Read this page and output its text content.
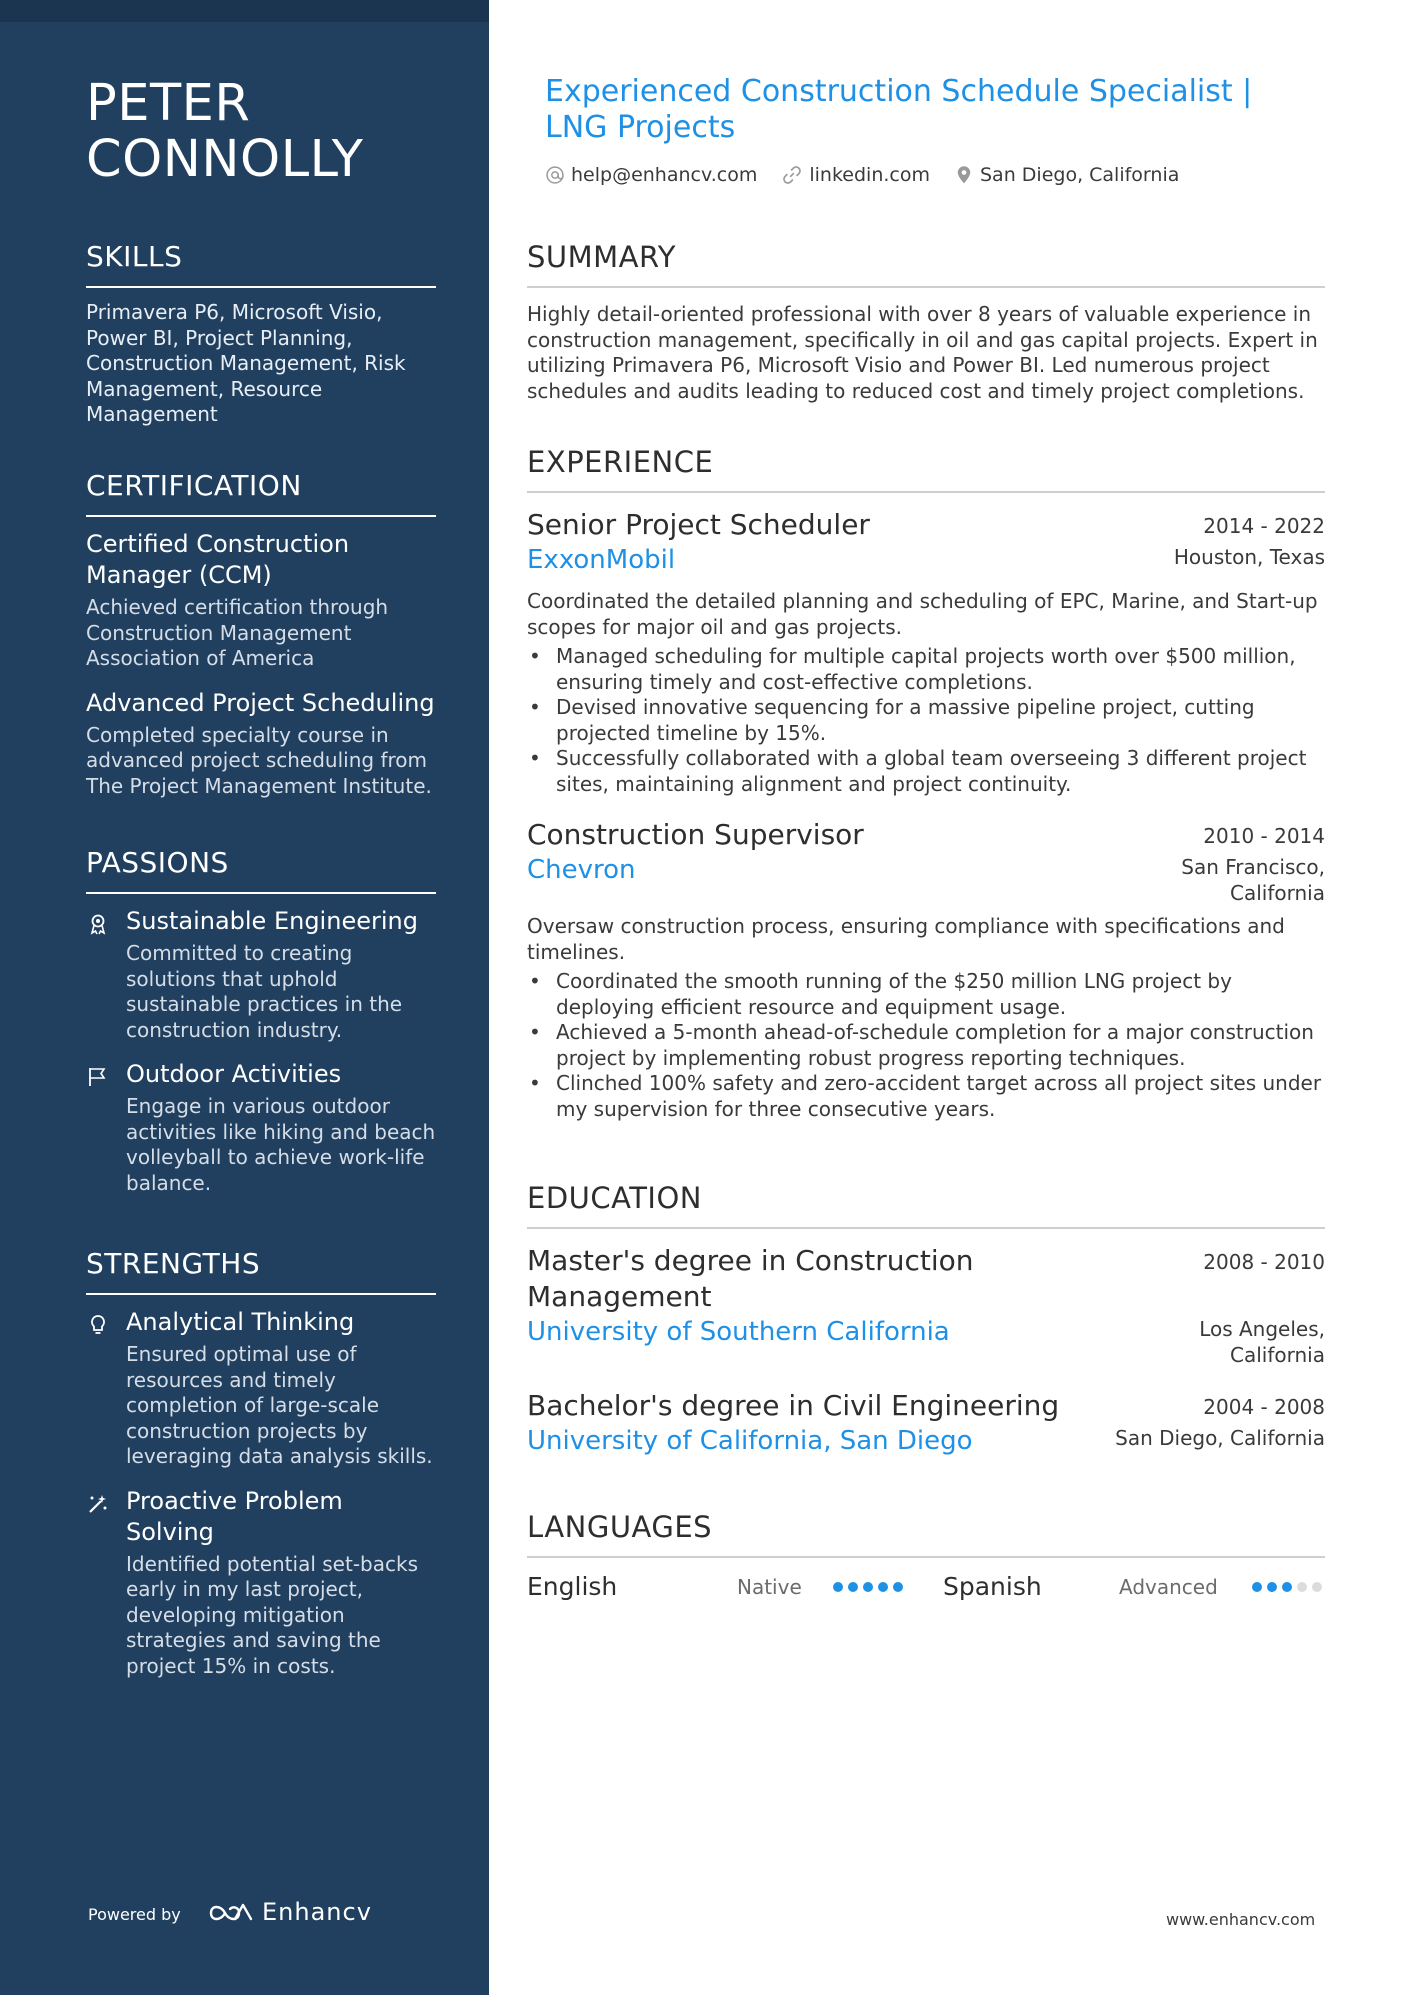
PETER
CONNOLLY
SKILLS
Primavera P6, Microsoft Visio, Power BI, Project Planning, Construction Management, Risk Management, Resource Management
CERTIFICATION
Certified Construction Manager (CCM)
Achieved certification through Construction Management Association of America
Advanced Project Scheduling
Completed specialty course in advanced project scheduling from The Project Management Institute.
PASSIONS
Sustainable Engineering
Committed to creating solutions that uphold sustainable practices in the construction industry.
Outdoor Activities
Engage in various outdoor activities like hiking and beach volleyball to achieve work-life balance.
STRENGTHS
Analytical Thinking
Ensured optimal use of resources and timely completion of large-scale construction projects by leveraging data analysis skills.
Proactive Problem Solving
Identified potential set-backs early in my last project, developing mitigation strategies and saving the project 15% in costs.
Powered by	Enhancv
Experienced Construction Schedule Specialist | LNG Projects
help@enhancv.com	linkedin.com	San Diego, California
SUMMARY
Highly detail-oriented professional with over 8 years of valuable experience in construction management, specifically in oil and gas capital projects. Expert in utilizing Primavera P6, Microsoft Visio and Power BI. Led numerous project schedules and audits leading to reduced cost and timely project completions.
EXPERIENCE
Senior Project Scheduler	2014 - 2022
ExxonMobil	Houston, Texas
Coordinated the detailed planning and scheduling of EPC, Marine, and Start-up scopes for major oil and gas projects.
• Managed scheduling for multiple capital projects worth over $500 million, ensuring timely and cost-effective completions.
• Devised innovative sequencing for a massive pipeline project, cutting projected timeline by 15%.
• Successfully collaborated with a global team overseeing 3 different project sites, maintaining alignment and project continuity.
Construction Supervisor	2010 - 2014
Chevron	San Francisco,
California
Oversaw construction process, ensuring compliance with specifications and timelines.
• Coordinated the smooth running of the $250 million LNG project by deploying efficient resource and equipment usage.
• Achieved a 5-month ahead-of-schedule completion for a major construction project by implementing robust progress reporting techniques.
• Clinched 100% safety and zero-accident target across all project sites under my supervision for three consecutive years.
EDUCATION
Master's degree in Construction Management
2008 - 2010
University of Southern California	Los Angeles,
California
Bachelor's degree in Civil Engineering	2004 - 2008
University of California, San Diego	San Diego, California
LANGUAGES
English	Native	Spanish	Advanced
www.enhancv.com
